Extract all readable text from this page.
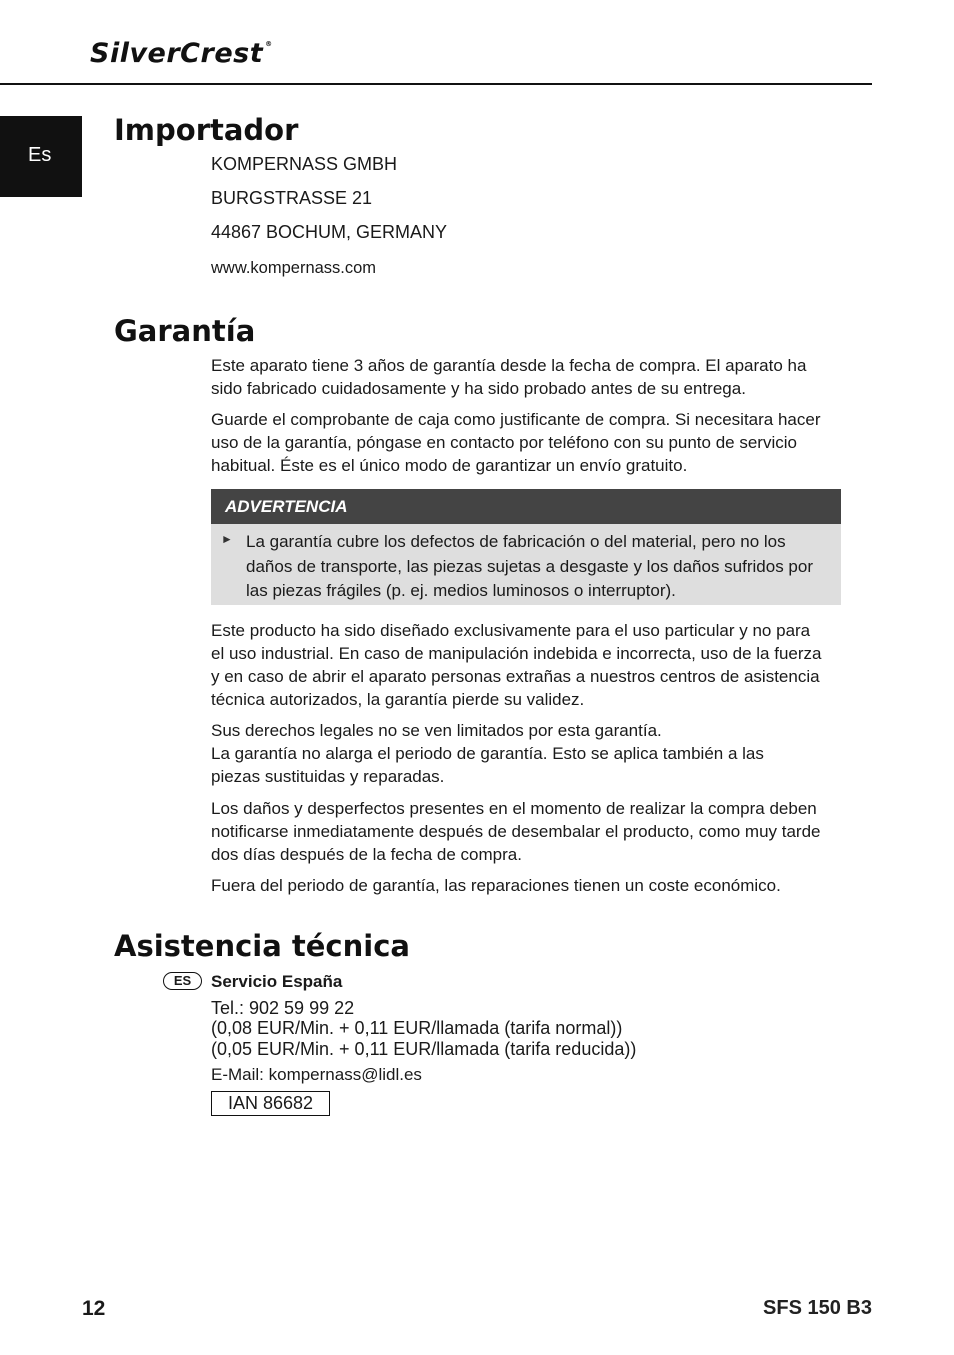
SilverCrest ®
Es
Importador
KOMPERNASS GMBH
BURGSTRASSE 21
44867 BOCHUM, GERMANY
www.kompernass.com
Garantía

Este aparato tiene 3 años de garantía desde la fecha de compra. El aparato ha sido fabricado cuidadosamente y ha sido probado antes de su entrega.

Guarde el comprobante de caja como justificante de compra. Si necesitara hacer uso de la garantía, póngase en contacto por teléfono con su punto de servicio habitual. Éste es el único modo de garantizar un envío gratuito.

ADVERTENCIA
► La garantía cubre los defectos de fabricación o del material, pero no los daños de transporte, las piezas sujetas a desgaste y los daños sufridos por las piezas frágiles (p. ej. medios luminosos o interruptor).

Este producto ha sido diseñado exclusivamente para el uso particular y no para el uso industrial. En caso de manipulación indebida e incorrecta, uso de la fuerza y en caso de abrir el aparato personas extrañas a nuestros centros de asistencia técnica autorizados, la garantía pierde su validez.

Sus derechos legales no se ven limitados por esta garantía.

La garantía no alarga el periodo de garantía. Esto se aplica también a las piezas sustituidas y reparadas.

Los daños y desperfectos presentes en el momento de realizar la compra deben notificarse inmediatamente después de desembalar el producto, como muy tarde dos días después de la fecha de compra.

Fuera del periodo de garantía, las reparaciones tienen un coste económico.

Asistencia técnica
ES	Servicio España
Tel.: 902 59 99 22
(0,08 EUR/Min. + 0,11 EUR/llamada (tarifa normal))
(0,05 EUR/Min. + 0,11 EUR/llamada (tarifa reducida))
E-Mail: kompernass@lidl.es
IAN 86682
12	SFS 150 B3
